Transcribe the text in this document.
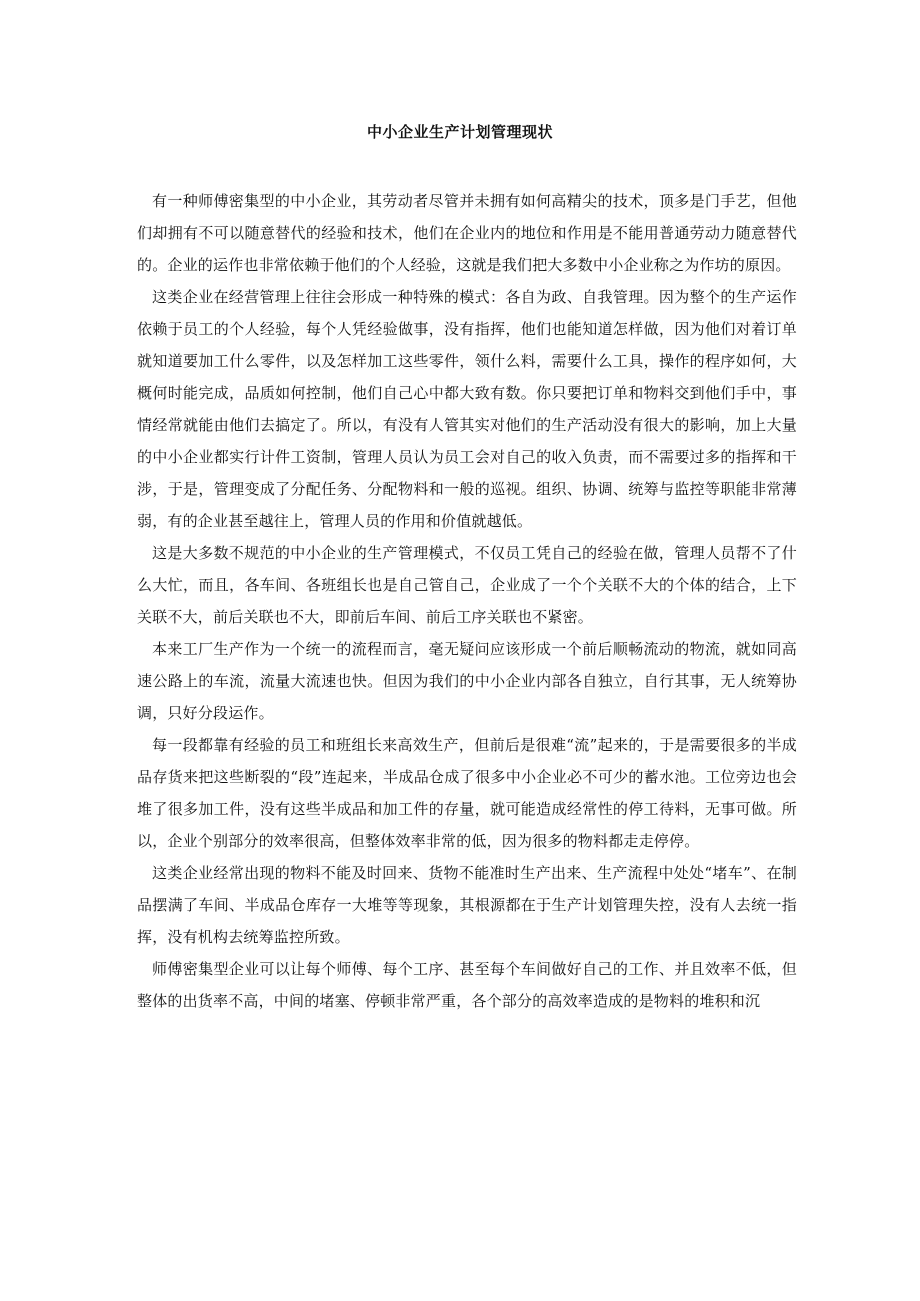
中小企业生产计划管理现状

有一种师傅密集型的中小企业，其劳动者尽管并未拥有如何高精尖的技术，顶多是门手艺，但他们却拥有不可以随意替代的经验和技术，他们在企业内的地位和作用是不能用普通劳动力随意替代的。企业的运作也非常依赖于他们的个人经验，这就是我们把大多数中小企业称之为作坊的原因。

这类企业在经营管理上往往会形成一种特殊的模式：各自为政、自我管理。因为整个的生产运作依赖于员工的个人经验，每个人凭经验做事，没有指挥，他们也能知道怎样做，因为他们对着订单就知道要加工什么零件，以及怎样加工这些零件，领什么料，需要什么工具，操作的程序如何，大概何时能完成，品质如何控制，他们自己心中都大致有数。你只要把订单和物料交到他们手中，事情经常就能由他们去搞定了。所以，有没有人管其实对他们的生产活动没有很大的影响，加上大量的中小企业都实行计件工资制，管理人员认为员工会对自己的收入负责，而不需要过多的指挥和干涉，于是，管理变成了分配任务、分配物料和一般的巡视。组织、协调、统筹与监控等职能非常薄弱，有的企业甚至越往上，管理人员的作用和价值就越低。

这是大多数不规范的中小企业的生产管理模式，不仅员工凭自己的经验在做，管理人员帮不了什么大忙，而且，各车间、各班组长也是自己管自己，企业成了一个个关联不大的个体的结合，上下关联不大，前后关联也不大，即前后车间、前后工序关联也不紧密。

本来工厂生产作为一个统一的流程而言，毫无疑问应该形成一个前后顺畅流动的物流，就如同高速公路上的车流，流量大流速也快。但因为我们的中小企业内部各自独立，自行其事，无人统筹协调，只好分段运作。

每一段都靠有经验的员工和班组长来高效生产，但前后是很难“流”起来的，于是需要很多的半成品存货来把这些断裂的“段”连起来，半成品仓成了很多中小企业必不可少的蓄水池。工位旁边也会堆了很多加工件，没有这些半成品和加工件的存量，就可能造成经常性的停工待料，无事可做。所以，企业个别部分的效率很高，但整体效率非常的低，因为很多的物料都走走停停。

这类企业经常出现的物料不能及时回来、货物不能准时生产出来、生产流程中处处“堵车”、在制品摆满了车间、半成品仓库存一大堆等等现象，其根源都在于生产计划管理失控，没有人去统一指挥，没有机构去统筹监控所致。

师傅密集型企业可以让每个师傅、每个工序、甚至每个车间做好自己的工作、并且效率不低，但整体的出货率不高，中间的堵塞、停顿非常严重，各个部分的高效率造成的是物料的堆积和沉
